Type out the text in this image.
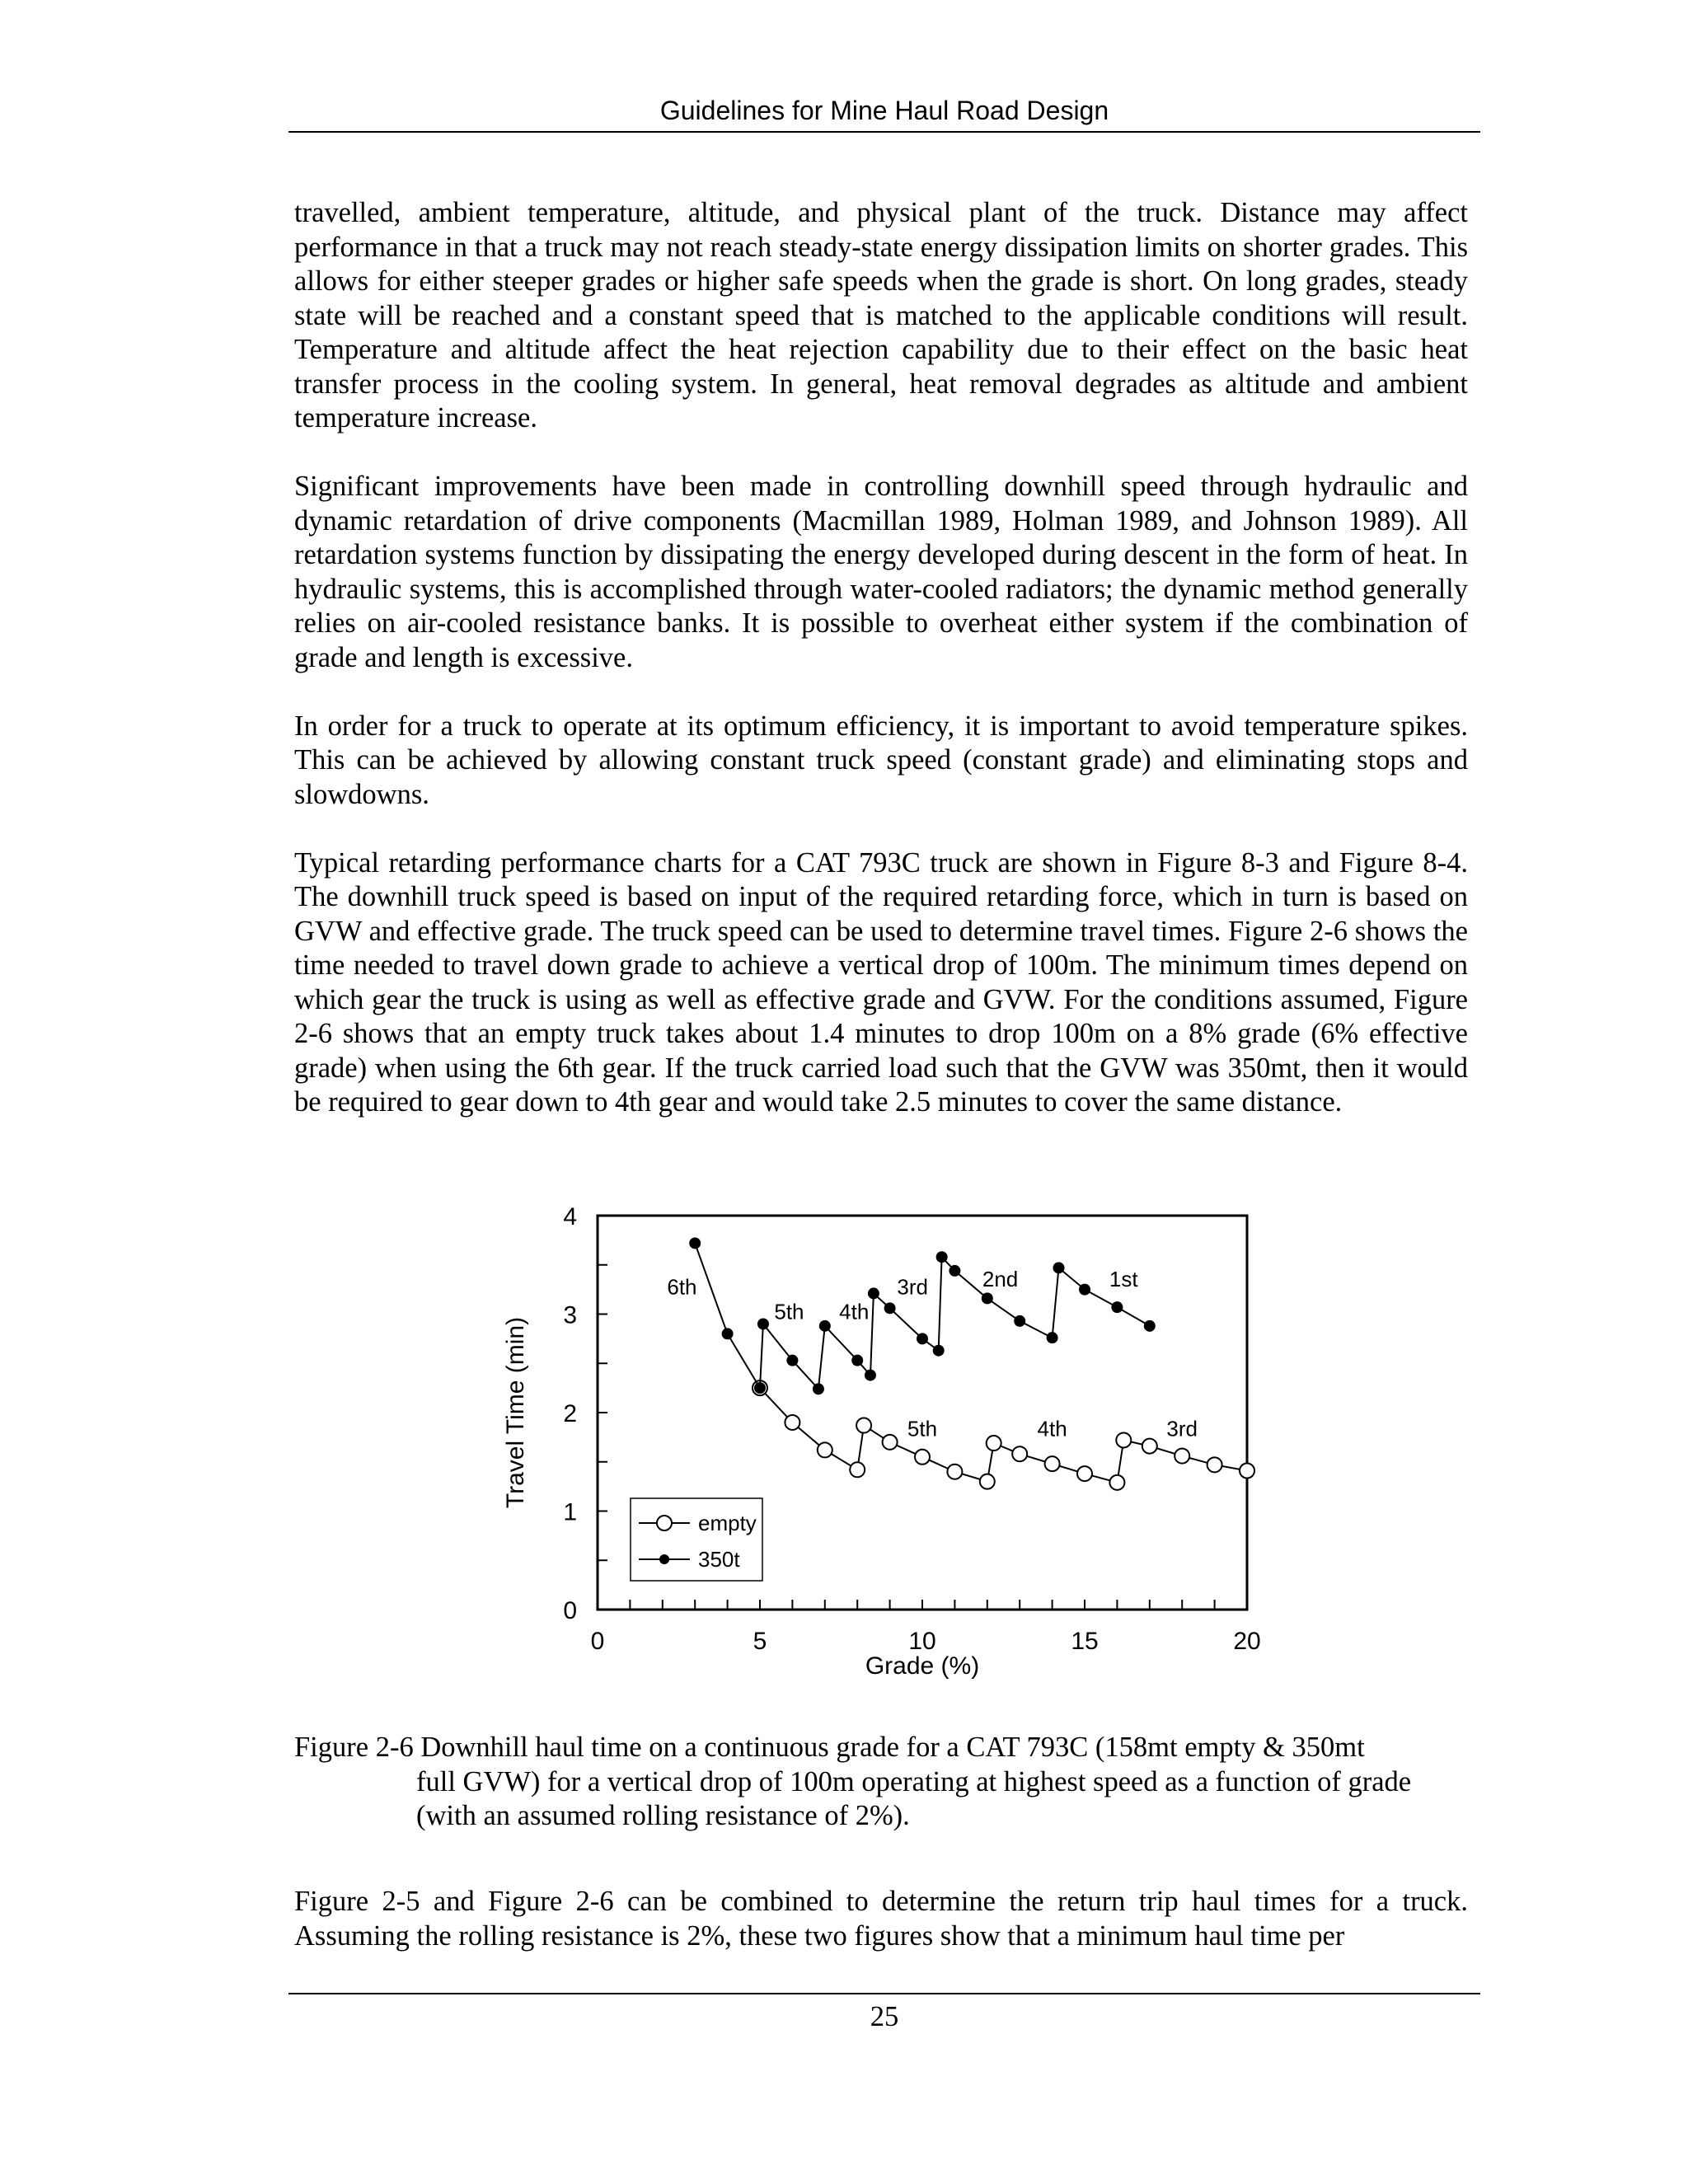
Guidelines for Mine Haul Road Design

travelled, ambient temperature, altitude, and physical plant of the truck. Distance may affect performance in that a truck may not reach steady-state energy dissipation limits on shorter grades. This allows for either steeper grades or higher safe speeds when the grade is short. On long grades, steady state will be reached and a constant speed that is matched to the applicable conditions will result. Temperature and altitude affect the heat rejection capability due to their effect on the basic heat transfer process in the cooling system. In general, heat removal degrades as altitude and ambient temperature increase.

Significant improvements have been made in controlling downhill speed through hydraulic and dynamic retardation of drive components (Macmillan 1989, Holman 1989, and Johnson 1989). All retardation systems function by dissipating the energy developed during descent in the form of heat. In hydraulic systems, this is accomplished through water-cooled radiators; the dynamic method generally relies on air-cooled resistance banks. It is possible to overheat either system if the combination of grade and length is excessive.

In order for a truck to operate at its optimum efficiency, it is important to avoid temperature spikes. This can be achieved by allowing constant truck speed (constant grade) and eliminating stops and slowdowns.

Typical retarding performance charts for a CAT 793C truck are shown in Figure 8-3 and Figure 8-4. The downhill truck speed is based on input of the required retarding force, which in turn is based on GVW and effective grade. The truck speed can be used to determine travel times. Figure 2-6 shows the time needed to travel down grade to achieve a vertical drop of 100m. The minimum times depend on which gear the truck is using as well as effective grade and GVW. For the conditions assumed, Figure 2-6 shows that an empty truck takes about 1.4 minutes to drop 100m on a 8% grade (6% effective grade) when using the 6th gear. If the truck carried load such that the GVW was 350mt, then it would be required to gear down to 4th gear and would take 2.5 minutes to cover the same distance.

0	5	10	15	20
0
1
2
3
4
Grade (%)
Travel Time (min)
6th
5th 4th
3rd	2nd	1st
5th	4th	3rd
empty
350t
Figure 2-6 Downhill haul time on a continuous grade for a CAT 793C (158mt empty & 350mt
full GVW) for a vertical drop of 100m operating at highest speed as a function of grade (with an assumed rolling resistance of 2%).

Figure 2-5 and Figure 2-6 can be combined to determine the return trip haul times for a truck. Assuming the rolling resistance is 2%, these two figures show that a minimum haul time per

25
